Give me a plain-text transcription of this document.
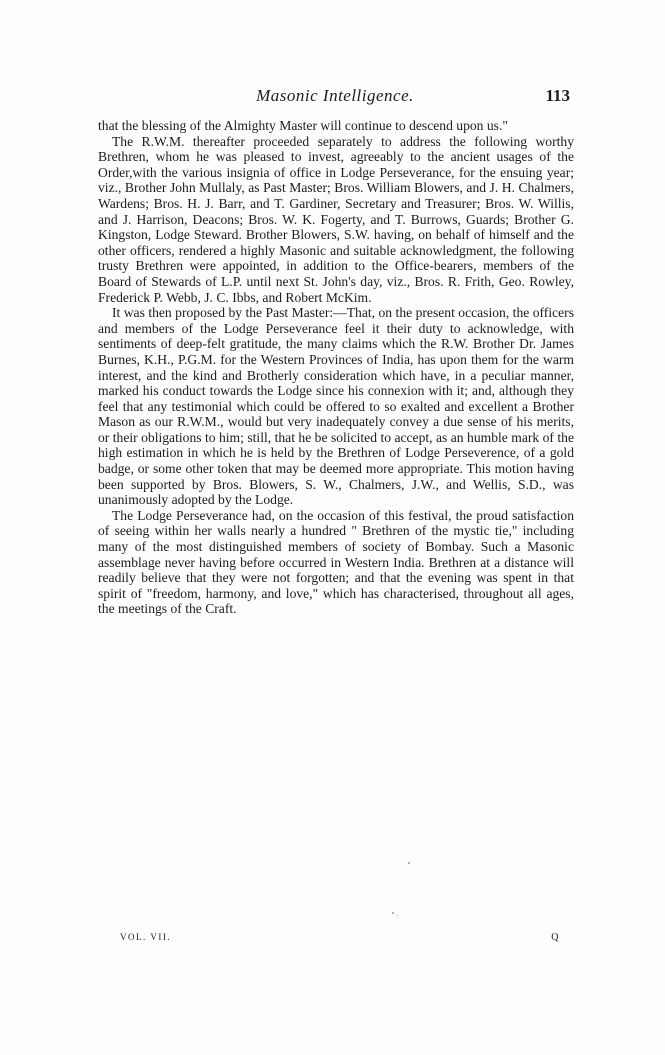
Masonic Intelligence.	113

that the blessing of the Almighty Master will continue to descend upon us."

The R.W.M. thereafter proceeded separately to address the following worthy Brethren, whom he was pleased to invest, agreeably to the ancient usages of the Order,with the various insignia of office in Lodge Perseverance, for the ensuing year; viz., Brother John Mullaly, as Past Master; Bros. William Blowers, and J. H. Chalmers, Wardens; Bros. H. J. Barr, and T. Gardiner, Secretary and Treasurer; Bros. W. Willis, and J. Harrison, Deacons; Bros. W. K. Fogerty, and T. Burrows, Guards; Brother G. Kingston, Lodge Steward. Brother Blowers, S.W. having, on behalf of himself and the other officers, rendered a highly Masonic and suitable acknowledgment, the following trusty Brethren were appointed, in addition to the Office-bearers, members of the Board of Stewards of L.P. until next St. John's day, viz., Bros. R. Frith, Geo. Rowley, Frederick P. Webb, J. C. Ibbs, and Robert McKim.

It was then proposed by the Past Master:—That, on the present occasion, the officers and members of the Lodge Perseverance feel it their duty to acknowledge, with sentiments of deep-felt gratitude, the many claims which the R.W. Brother Dr. James Burnes, K.H., P.G.M. for the Western Provinces of India, has upon them for the warm interest, and the kind and Brotherly consideration which have, in a peculiar manner, marked his conduct towards the Lodge since his connexion with it; and, although they feel that any testimonial which could be offered to so exalted and excellent a Brother Mason as our R.W.M., would but very inadequately convey a due sense of his merits, or their obligations to him; still, that he be solicited to accept, as an humble mark of the high estimation in which he is held by the Brethren of Lodge Perseverence, of a gold badge, or some other token that may be deemed more appropriate. This motion having been supported by Bros. Blowers, S. W., Chalmers, J.W., and Wellis, S.D., was unanimously adopted by the Lodge.

The Lodge Perseverance had, on the occasion of this festival, the proud satisfaction of seeing within her walls nearly a hundred " Brethren of the mystic tie," including many of the most distinguished members of society of Bombay. Such a Masonic assemblage never having before occurred in Western India. Brethren at a distance will readily believe that they were not forgotten; and that the evening was spent in that spirit of "freedom, harmony, and love," which has characterised, throughout all ages, the meetings of the Craft.

VOL. VII.	Q
